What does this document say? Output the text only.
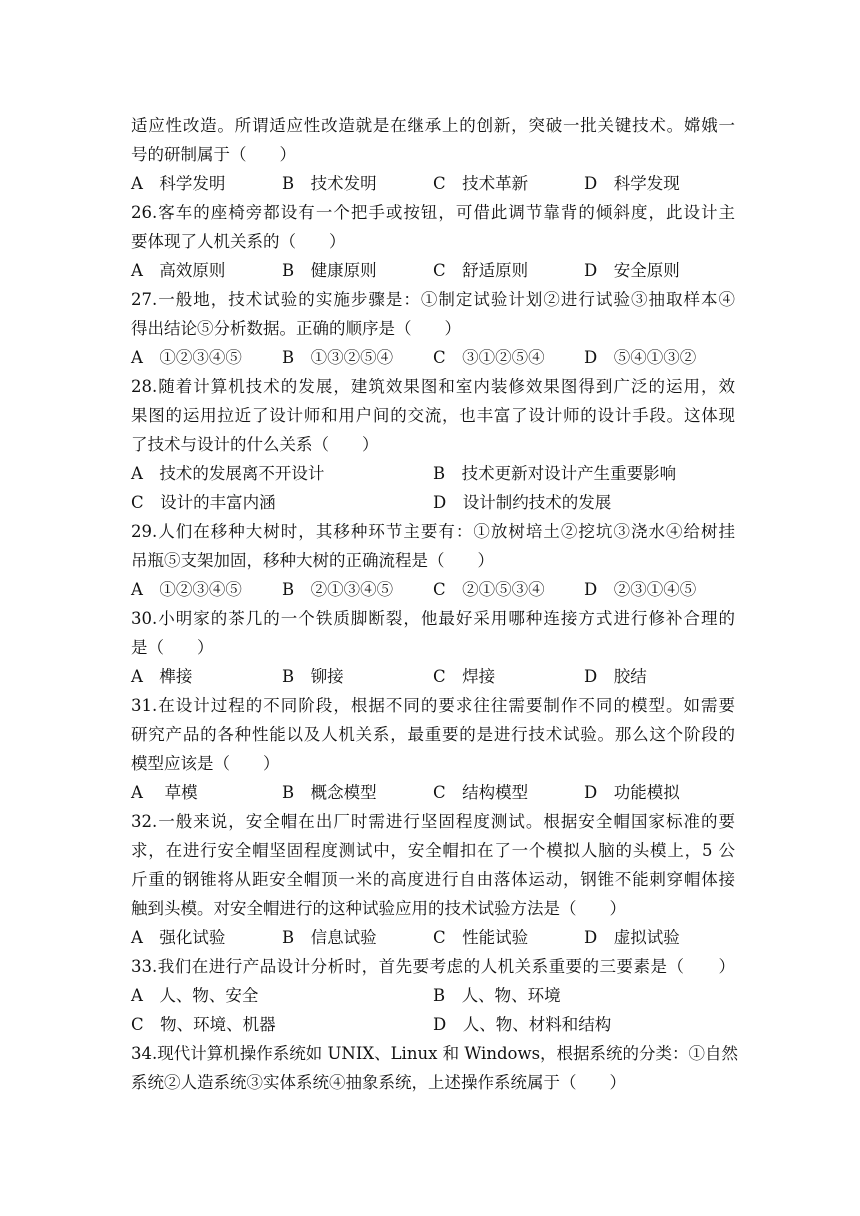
适应性改造。所谓适应性改造就是在继承上的创新，突破一批关键技术。嫦娥一
号的研制属于（　　）
A　科学发明	B　技术发明	C　技术革新	D　科学发现
26.客车的座椅旁都设有一个把手或按钮，可借此调节靠背的倾斜度，此设计主
要体现了人机关系的（　　）
A　高效原则	B　健康原则	C　舒适原则	D　安全原则
27.一般地，技术试验的实施步骤是：①制定试验计划②进行试验③抽取样本④
得出结论⑤分析数据。正确的顺序是（　　）
A　①②③④⑤	B　①③②⑤④	C　③①②⑤④	D　⑤④①③②
28.随着计算机技术的发展，建筑效果图和室内装修效果图得到广泛的运用，效
果图的运用拉近了设计师和用户间的交流，也丰富了设计师的设计手段。这体现
了技术与设计的什么关系（　　）
A　技术的发展离不开设计	B　技术更新对设计产生重要影响
C　设计的丰富内涵	D　设计制约技术的发展
29.人们在移种大树时，其移种环节主要有：①放树培土②挖坑③浇水④给树挂
吊瓶⑤支架加固，移种大树的正确流程是（　　）
A　①②③④⑤	B　②①③④⑤	C　②①⑤③④	D　②③①④⑤
30.小明家的茶几的一个铁质脚断裂，他最好采用哪种连接方式进行修补合理的
是（　　）
A　榫接	B　铆接	C　焊接	D　胶结
31.在设计过程的不同阶段，根据不同的要求往往需要制作不同的模型。如需要
研究产品的各种性能以及人机关系，最重要的是进行技术试验。那么这个阶段的
模型应该是（　　）
A　 草模	B　概念模型	C　结构模型	D　功能模拟
32.一般来说，安全帽在出厂时需进行坚固程度测试。根据安全帽国家标准的要
求，在进行安全帽坚固程度测试中，安全帽扣在了一个模拟人脑的头模上，5 公
斤重的钢锥将从距安全帽顶一米的高度进行自由落体运动，钢锥不能刺穿帽体接
触到头模。对安全帽进行的这种试验应用的技术试验方法是（　　）
A　强化试验	B　信息试验	C　性能试验	D　虚拟试验
33.我们在进行产品设计分析时，首先要考虑的人机关系重要的三要素是（　　）
A　人、物、安全	B　人、物、环境
C　物、环境、机器	D　人、物、材料和结构
34.现代计算机操作系统如 UNIX、Linux 和 Windows，根据系统的分类：①自然
系统②人造系统③实体系统④抽象系统，上述操作系统属于（　　）
